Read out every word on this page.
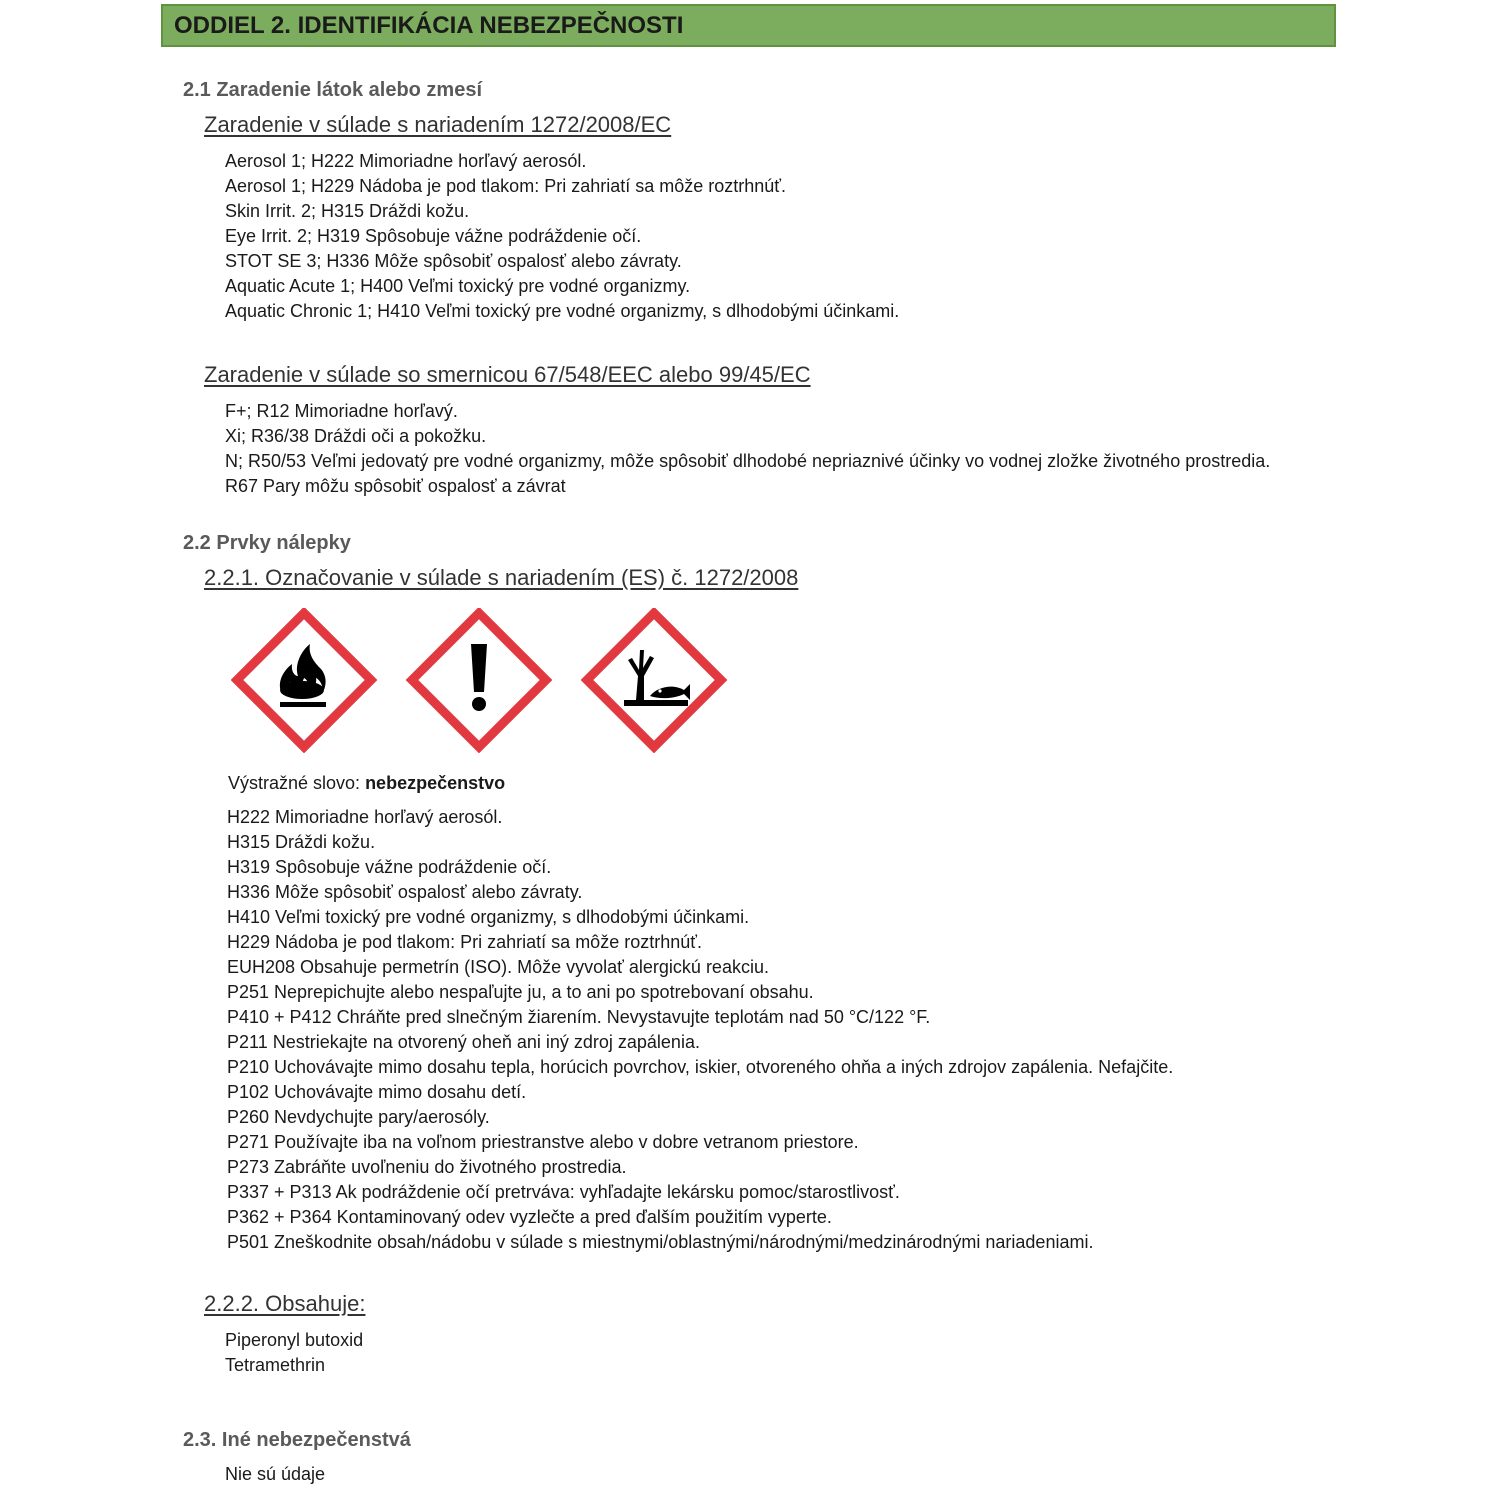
ODDIEL 2. IDENTIFIKÁCIA NEBEZPEČNOSTI
2.1 Zaradenie látok alebo zmesí
Zaradenie v súlade s nariadením 1272/2008/EC
Aerosol 1; H222 Mimoriadne horľavý aerosól.
Aerosol 1; H229 Nádoba je pod tlakom: Pri zahriatí sa môže roztrhnúť.
Skin Irrit. 2; H315 Dráždi kožu.
Eye Irrit. 2; H319 Spôsobuje vážne podráždenie očí.
STOT SE 3; H336 Môže spôsobiť ospalosť alebo závraty.
Aquatic Acute 1; H400 Veľmi toxický pre vodné organizmy.
Aquatic Chronic 1; H410 Veľmi toxický pre vodné organizmy, s dlhodobými účinkami.
Zaradenie v súlade so smernicou 67/548/EEC alebo 99/45/EC
F+; R12 Mimoriadne horľavý.
Xi; R36/38 Dráždi oči a pokožku.
N; R50/53 Veľmi jedovatý pre vodné organizmy, môže spôsobiť dlhodobé nepriaznivé účinky vo vodnej zložke životného prostredia.
R67 Pary môžu spôsobiť ospalosť a závrat
2.2 Prvky nálepky
2.2.1. Označovanie v súlade s nariadením (ES) č. 1272/2008
Výstražné slovo: nebezpečenstvo
H222 Mimoriadne horľavý aerosól.
H315 Dráždi kožu.
H319 Spôsobuje vážne podráždenie očí.
H336 Môže spôsobiť ospalosť alebo závraty.
H410 Veľmi toxický pre vodné organizmy, s dlhodobými účinkami.
H229 Nádoba je pod tlakom: Pri zahriatí sa môže roztrhnúť.
EUH208 Obsahuje permetrín (ISO). Môže vyvolať alergickú reakciu.
P251 Neprepichujte alebo nespaľujte ju, a to ani po spotrebovaní obsahu.
P410 + P412 Chráňte pred slnečným žiarením. Nevystavujte teplotám nad 50 °C/122 °F.
P211 Nestriekajte na otvorený oheň ani iný zdroj zapálenia.
P210 Uchovávajte mimo dosahu tepla, horúcich povrchov, iskier, otvoreného ohňa a iných zdrojov zapálenia. Nefajčite.
P102 Uchovávajte mimo dosahu detí.
P260 Nevdychujte pary/aerosóly.
P271 Používajte iba na voľnom priestranstve alebo v dobre vetranom priestore.
P273 Zabráňte uvoľneniu do životného prostredia.
P337 + P313 Ak podráždenie očí pretrváva: vyhľadajte lekársku pomoc/starostlivosť.
P362 + P364 Kontaminovaný odev vyzlečte a pred ďalším použitím vyperte.
P501 Zneškodnite obsah/nádobu v súlade s miestnymi/oblastnými/národnými/medzinárodnými nariadeniami.
2.2.2. Obsahuje:
Piperonyl butoxid
Tetramethrin
2.3. Iné nebezpečenstvá
Nie sú údaje
